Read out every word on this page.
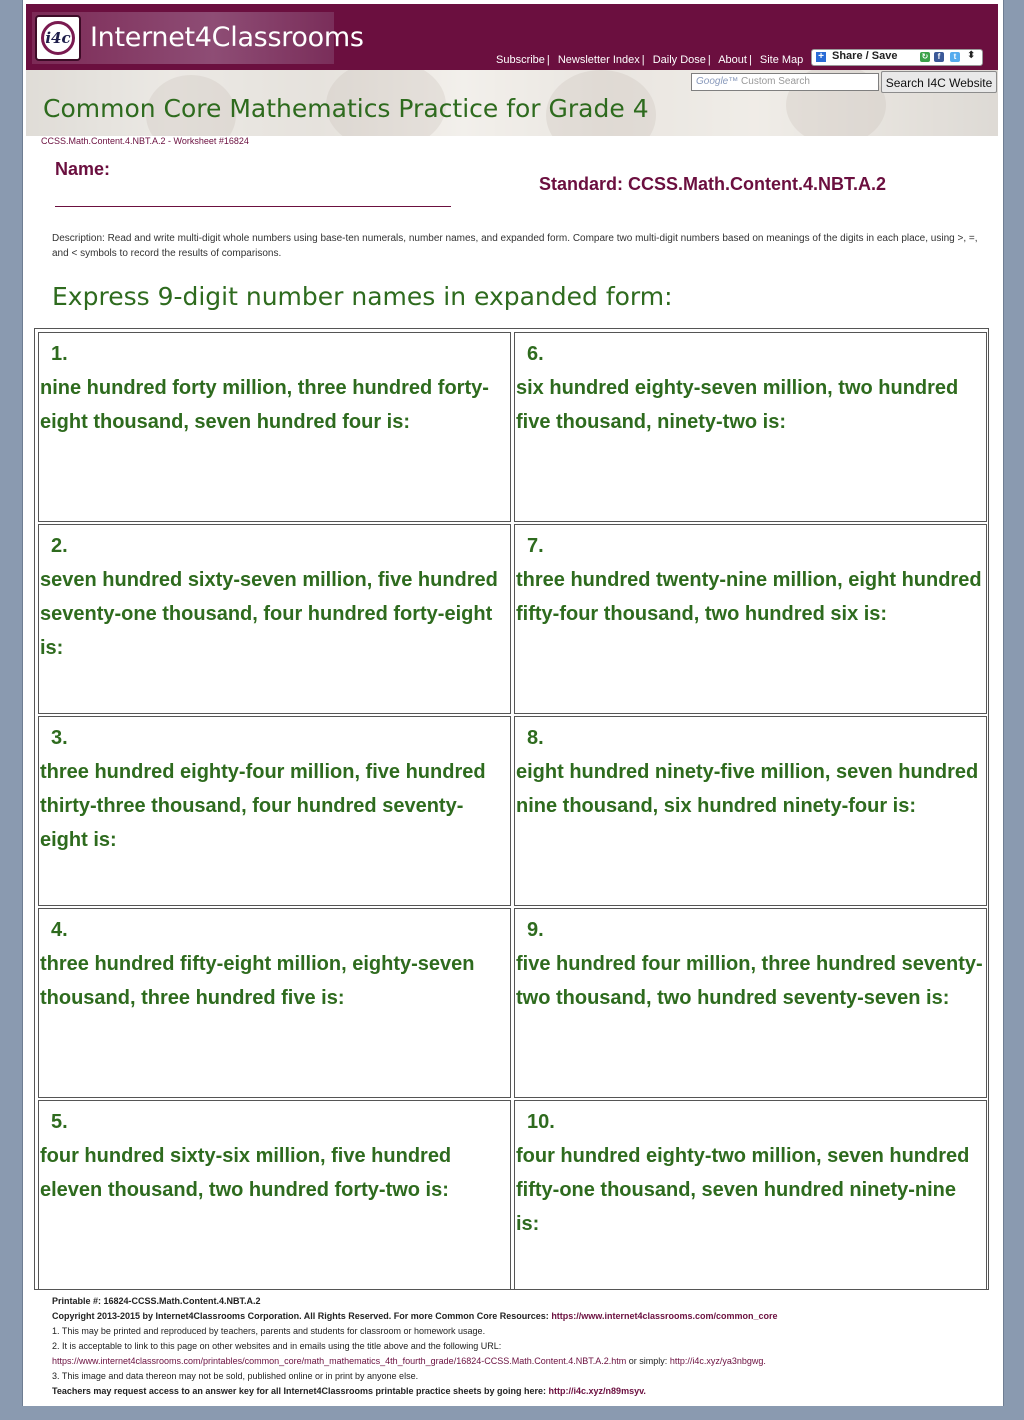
i4c Internet4Classrooms
Subscribe | Newsletter Index | Daily Dose | About | Site Map + Share / Save	↻	f	t	⬍
Common Core Mathematics Practice for Grade 4
Google™ Custom Search	Search I4C Website
CCSS.Math.Content.4.NBT.A.2 - Worksheet #16824
Name:
Standard: CCSS.Math.Content.4.NBT.A.2
Description: Read and write multi-digit whole numbers using base-ten numerals, number names, and expanded form. Compare two multi-digit numbers based on meanings of the digits in each place, using >, =, and < symbols to record the results of comparisons.
Express 9-digit number names in expanded form:
1.
nine hundred forty million, three hundred forty-eight thousand, seven hundred four is:
6.
six hundred eighty-seven million, two hundred five thousand, ninety-two is:
2.
seven hundred sixty-seven million, five hundred seventy-one thousand, four hundred forty-eight is:
7.
three hundred twenty-nine million, eight hundred fifty-four thousand, two hundred six is:
3.
three hundred eighty-four million, five hundred thirty-three thousand, four hundred seventy-eight is:
8.
eight hundred ninety-five million, seven hundred nine thousand, six hundred ninety-four is:
4.
three hundred fifty-eight million, eighty-seven thousand, three hundred five is:
9.
five hundred four million, three hundred seventy-two thousand, two hundred seventy-seven is:
5.
four hundred sixty-six million, five hundred eleven thousand, two hundred forty-two is:
10.
four hundred eighty-two million, seven hundred fifty-one thousand, seven hundred ninety-nine is:
Printable #: 16824-CCSS.Math.Content.4.NBT.A.2
Copyright 2013-2015 by Internet4Classrooms Corporation. All Rights Reserved. For more Common Core Resources: https://www.internet4classrooms.com/common_core
1. This may be printed and reproduced by teachers, parents and students for classroom or homework usage.
2. It is acceptable to link to this page on other websites and in emails using the title above and the following URL:
https://www.internet4classrooms.com/printables/common_core/math_mathematics_4th_fourth_grade/16824-CCSS.Math.Content.4.NBT.A.2.htm or simply: http://i4c.xyz/ya3nbgwg.
3. This image and data thereon may not be sold, published online or in print by anyone else.
Teachers may request access to an answer key for all Internet4Classrooms printable practice sheets by going here: http://i4c.xyz/n89msyv.
